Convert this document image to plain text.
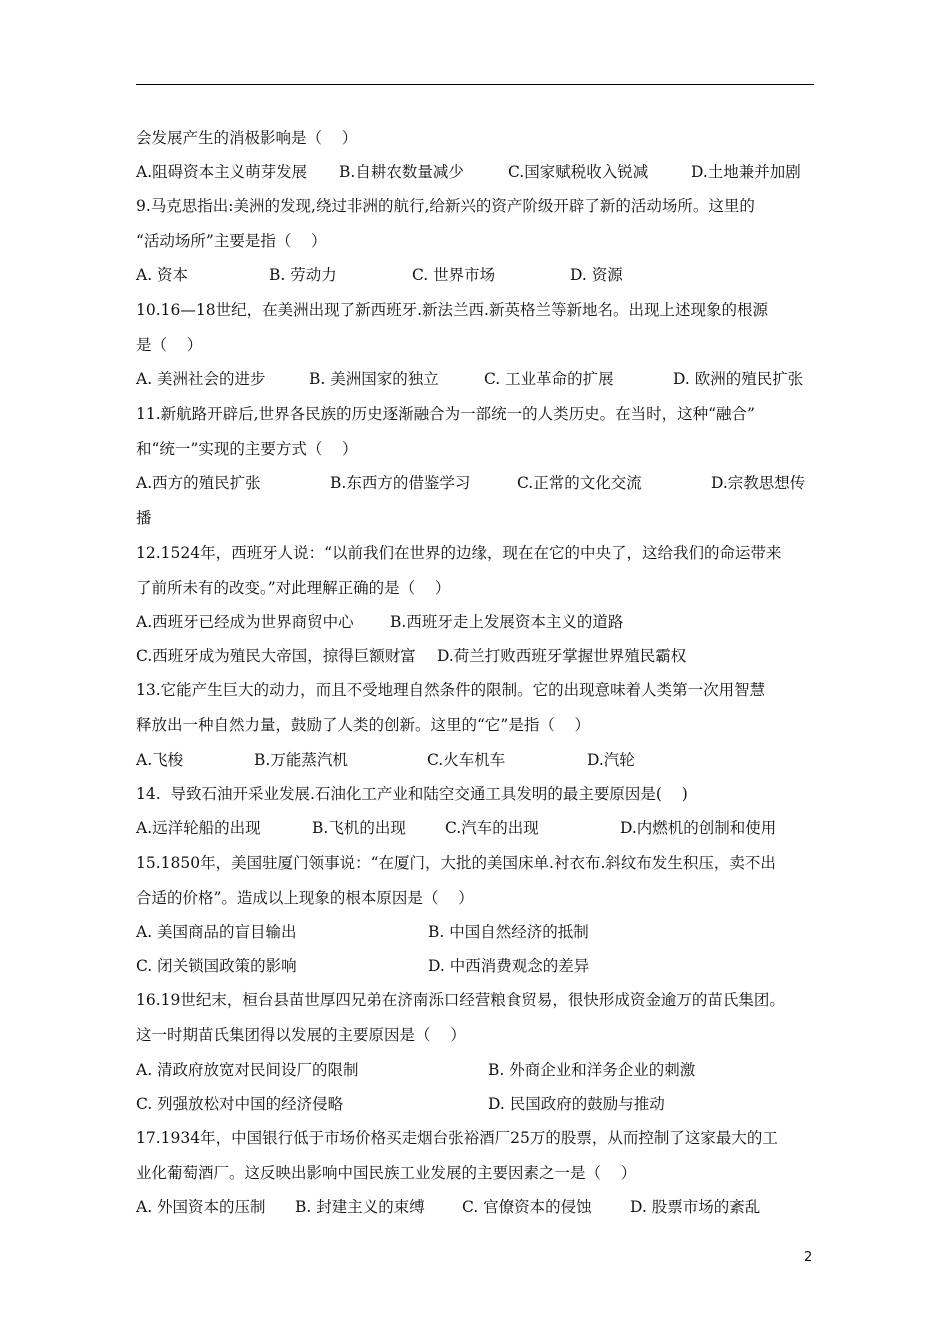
会发展产生的消极影响是（    ）
A.阻碍资本主义萌芽发展 B.自耕农数量减少	C.国家赋税收入锐减	D.土地兼并加剧
9.马克思指出:美洲的发现,绕过非洲的航行,给新兴的资产阶级开辟了新的活动场所。这里的
“活动场所”主要是指（    ）
A. 资本	B. 劳动力	C. 世界市场	D. 资源
10.16—18世纪，在美洲出现了新西班牙.新法兰西.新英格兰等新地名。出现上述现象的根源
是（    ）
A. 美洲社会的进步	B. 美洲国家的独立	C. 工业革命的扩展	D. 欧洲的殖民扩张
11.新航路开辟后,世界各民族的历史逐渐融合为一部统一的人类历史。在当时，这种“融合”
和“统一”实现的主要方式（    ）
A.西方的殖民扩张	B.东西方的借鉴学习	C.正常的文化交流	D.宗教思想传
播
12.1524年，西班牙人说：“以前我们在世界的边缘，现在在它的中央了，这给我们的命运带来
了前所未有的改变。”对此理解正确的是（    ）
A.西班牙已经成为世界商贸中心 B.西班牙走上发展资本主义的道路
C.西班牙成为殖民大帝国，掠得巨额财富 D.荷兰打败西班牙掌握世界殖民霸权
13.它能产生巨大的动力，而且不受地理自然条件的限制。它的出现意味着人类第一次用智慧
释放出一种自然力量，鼓励了人类的创新。这里的“它”是指（    ）
A.飞梭	B.万能蒸汽机	C.火车机车	D.汽轮
14.  导致石油开采业发展.石油化工产业和陆空交通工具发明的最主要原因是(    )
A.远洋轮船的出现	B.飞机的出现	C.汽车的出现	D.内燃机的创制和使用
15.1850年，美国驻厦门领事说：“在厦门，大批的美国床单.衬衣布.斜纹布发生积压，卖不出
合适的价格”。造成以上现象的根本原因是（    ）
A. 美国商品的盲目输出	B. 中国自然经济的抵制
C. 闭关锁国政策的影响	D. 中西消费观念的差异
16.19世纪末，桓台县苗世厚四兄弟在济南泺口经营粮食贸易，很快形成资金逾万的苗氏集团。
这一时期苗氏集团得以发展的主要原因是（    ）
A. 清政府放宽对民间设厂的限制	B. 外商企业和洋务企业的刺激
C. 列强放松对中国的经济侵略	D. 民国政府的鼓励与推动
17.1934年，中国银行低于市场价格买走烟台张裕酒厂25万的股票，从而控制了这家最大的工
业化葡萄酒厂。这反映出影响中国民族工业发展的主要因素之一是（    ）
A. 外国资本的压制 B. 封建主义的束缚 C. 官僚资本的侵蚀 D. 股票市场的紊乱
2
